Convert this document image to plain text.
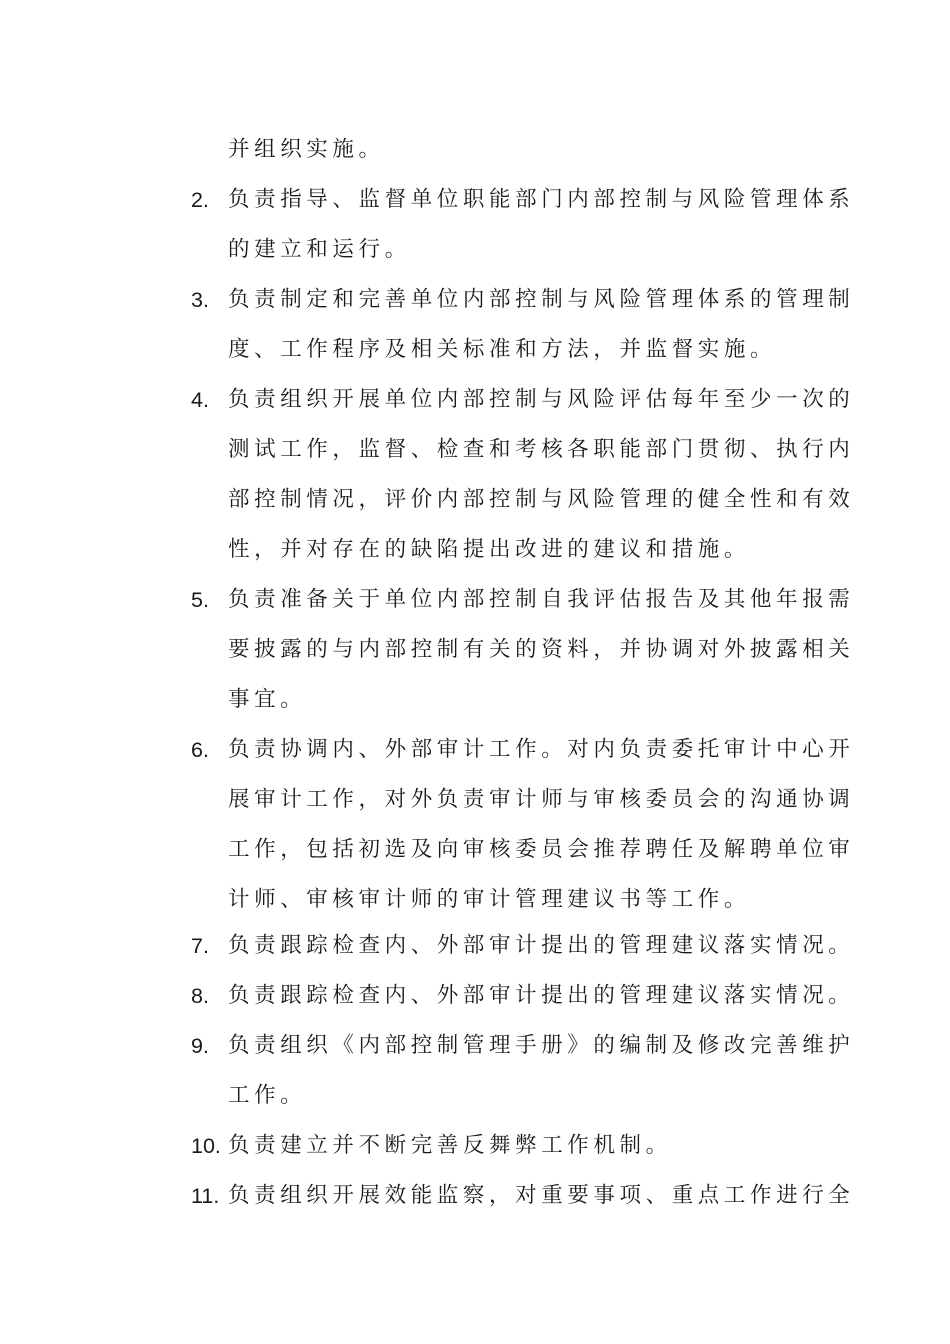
并组织实施。
2. 负责指导、监督单位职能部门内部控制与风险管理体系
的建立和运行。
3. 负责制定和完善单位内部控制与风险管理体系的管理制
度、工作程序及相关标准和方法，并监督实施。
4. 负责组织开展单位内部控制与风险评估每年至少一次的
测试工作，监督、检查和考核各职能部门贯彻、执行内
部控制情况，评价内部控制与风险管理的健全性和有效
性，并对存在的缺陷提出改进的建议和措施。
5. 负责准备关于单位内部控制自我评估报告及其他年报需
要披露的与内部控制有关的资料，并协调对外披露相关
事宜。
6. 负责协调内、外部审计工作。对内负责委托审计中心开
展审计工作，对外负责审计师与审核委员会的沟通协调
工作，包括初选及向审核委员会推荐聘任及解聘单位审
计师、审核审计师的审计管理建议书等工作。
7. 负责跟踪检查内、外部审计提出的管理建议落实情况。
8. 负责跟踪检查内、外部审计提出的管理建议落实情况。
9. 负责组织《内部控制管理手册》的编制及修改完善维护
工作。
10. 负责建立并不断完善反舞弊工作机制。
11. 负责组织开展效能监察，对重要事项、重点工作进行全
